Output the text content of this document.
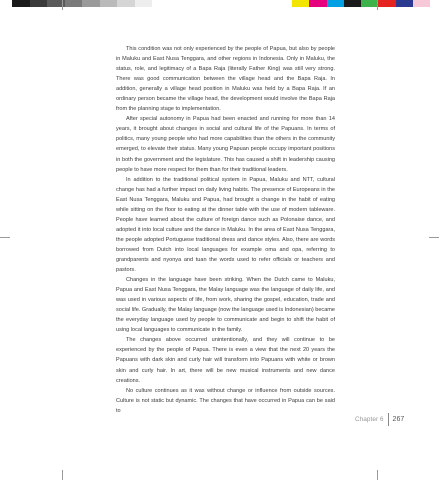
This condition was not only experienced by the people of Papua, but also by people in Maluku and East Nusa Tenggara, and other regions in Indonesia. Only in Maluku, the status, role, and legitimacy of a Bapa Raja (literally Father King) was still very strong. There was good communication between the village head and the Bapa Raja. In addition, generally a village head position in Maluku was held by a Bapa Raja. If an ordinary person became the village head, the development would involve the Bapa Raja from the planning stage to implementation.

After special autonomy in Papua had been enacted and running for more than 14 years, it brought about changes in social and cultural life of the Papuans. In terms of politics, many young people who had more capabilities than the others in the community emerged, to elevate their status. Many young Papuan people occupy important positions in both the government and the legislature. This has caused a shift in leadership causing people to have more respect for them than for their traditional leaders.

In addition to the traditional political system in Papua, Maluku and NTT, cultural change has had a further impact on daily living habits. The presence of Europeans in the East Nusa Tenggara, Maluku and Papua, had brought a change in the habit of eating while sitting on the floor to eating at the dinner table with the use of modern tableware. People have learned about the culture of foreign dance such as Polonaise dance, and adopted it into local culture and the dance in Maluku. In the area of East Nusa Tenggara, the people adopted Portuguese traditional dress and dance styles. Also, there are words borrowed from Dutch into local languages for example oma and opa, referring to grandparents and nyonya and tuan the words used to refer officials or teachers and pastors.

Changes in the language have been striking. When the Dutch came to Maluku, Papua and East Nusa Tenggara, the Malay language was the language of daily life, and was used in various aspects of life, from work, sharing the gospel, education, trade and social life. Gradually, the Malay language (now the language used is Indonesian) became the everyday language used by people to communicate and begin to shift the habit of using local languages to communicate in the family.

The changes above occurred unintentionally, and they will continue to be experienced by the people of Papua. There is even a view that the next 20 years the Papuans with dark skin and curly hair will transform into Papuans with white or brown skin and curly hair. In art, there will be new musical instruments and new dance creations.

No culture continues as it was without change or influence from outside sources. Culture is not static but dynamic. The changes that have occurred in Papua can be said to

Chapter 6 267
